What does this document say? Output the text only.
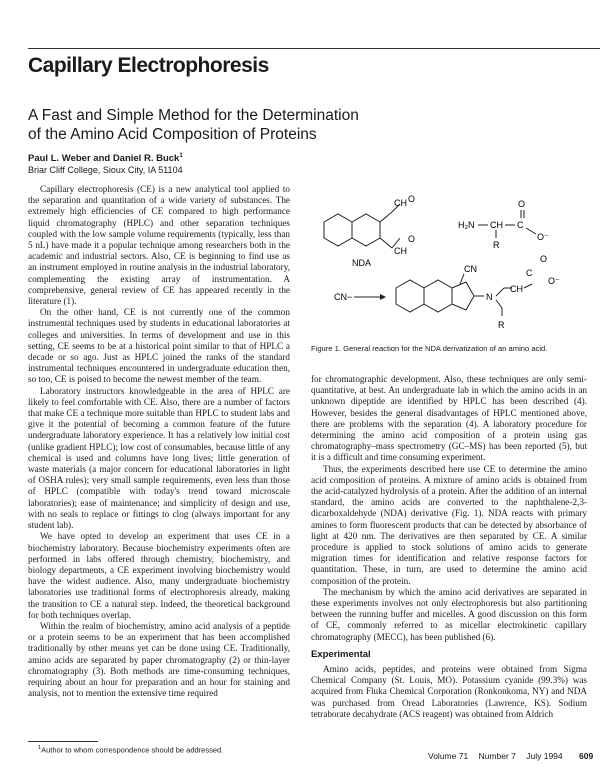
Capillary Electrophoresis
A Fast and Simple Method for the Determination
of the Amino Acid Composition of Proteins
Paul L. Weber and Daniel R. Buck$^1$
Briar Cliff College, Sioux City, IA 51104

Capillary electrophoresis (CE) is a new analytical tool applied to the separation and quantitation of a wide variety of substances. The extremely high efficiencies of CE compared to high performance liquid chromatography (HPLC) and other separation techniques coupled with the low sample volume requirements (typically, less than 5 nL) have made it a popular technique among researchers both in the academic and industrial sectors. Also, CE is beginning to find use as an instrument employed in routine analysis in the industrial laboratory, complementing the existing array of instrumentation. A comprehensive, general review of CE has appeared recently in the literature (1).

On the other hand, CE is not currently one of the common instrumental techniques used by students in educational laboratories at colleges and universities. In terms of development and use in this setting, CE seems to be at a historical point similar to that of HPLC a decade or so ago. Just as HPLC joined the ranks of the standard instrumental techniques encountered in undergraduate education then, so too, CE is poised to become the newest member of the team.

Laboratory instructors knowledgeable in the area of HPLC are likely to feel comfortable with CE. Also, there are a number of factors that make CE a technique more suitable than HPLC to student labs and give it the potential of becoming a common feature of the future undergraduate laboratory experience. It has a relatively low initial cost (unlike gradient HPLC); low cost of consumables, because little of any chemical is used and columns have long lives; little generation of waste materials (a major concern for educational laboratories in light of OSHA rules); very small sample requirements, even less than those of HPLC (compatible with today's trend toward microscale laboratories); ease of maintenance; and simplicity of design and use, with no seals to replace or fittings to clog (always important for any student lab).

We have opted to develop an experiment that uses CE in a biochemistry laboratory. Because biochemistry experiments often are performed in labs offered through chemistry, biochemistry, and biology departments, a CE experiment involving biochemistry would have the widest audience. Also, many undergraduate biochemistry laboratories use traditional forms of electrophoresis already, making the transition to CE a natural step. Indeed, the theoretical background for both techniques overlap.

Within the realm of biochemistry, amino acid analysis of a peptide or a protein seems to be an experiment that has been accomplished traditionally by other means yet can be done using CE. Traditionally, amino acids are separated by paper chromatography (2) or thin-layer chromatography (3). Both methods are time-consuming techniques, requiring about an hour for preparation and an hour for staining and analysis, not to mention the extensive time required

CH O
CH
O
NDA
H₂N CH C
O
O⁻
R
CN−
CN
N
CH
C
O
O⁻
R
Figure 1. General reaction for the NDA derivatization of an amino acid.

for chromatographic development. Also, these techniques are only semi-quantitative, at best. An undergraduate lab in which the amino acids in an unknown dipeptide are identified by HPLC has been described (4). However, besides the general disadvantages of HPLC mentioned above, there are problems with the separation (4). A laboratory procedure for determining the amino acid composition of a protein using gas chromatography–mass spectrometry (GC–MS) has been reported (5), but it is a difficult and time consuming experiment.

Thus, the experiments described here use CE to determine the amino acid composition of proteins. A mixture of amino acids is obtained from the acid-catalyzed hydrolysis of a protein. After the addition of an internal standard, the amino acids are converted to the naphthalene-2,3-dicarboxaldehyde (NDA) derivative (Fig. 1). NDA reacts with primary amines to form fluorescent products that can be detected by absorbance of light at 420 nm. The derivatives are then separated by CE. A similar procedure is applied to stock solutions of amino acids to generate migration times for identification and relative response factors for quantitation. These, in turn, are used to determine the amino acid composition of the protein.

The mechanism by which the amino acid derivatives are separated in these experiments involves not only electrophoresis but also partitioning between the running buffer and micelles. A good discussion on this form of CE, commonly referred to as micellar electrokinetic capillary chromatography (MECC), has been published (6).

Experimental

Amino acids, peptides, and proteins were obtained from Sigma Chemical Company (St. Louis, MO). Potassium cyanide (99.3%) was acquired from Fluka Chemical Corporation (Ronkonkoma, NY) and NDA was purchased from Oread Laboratories (Lawrence, KS). Sodium tetraborate decahydrate (ACS reagent) was obtained from Aldrich

$^1$Author to whom correspondence should be addressed.
Volume 71 Number 7 July 1994 609
